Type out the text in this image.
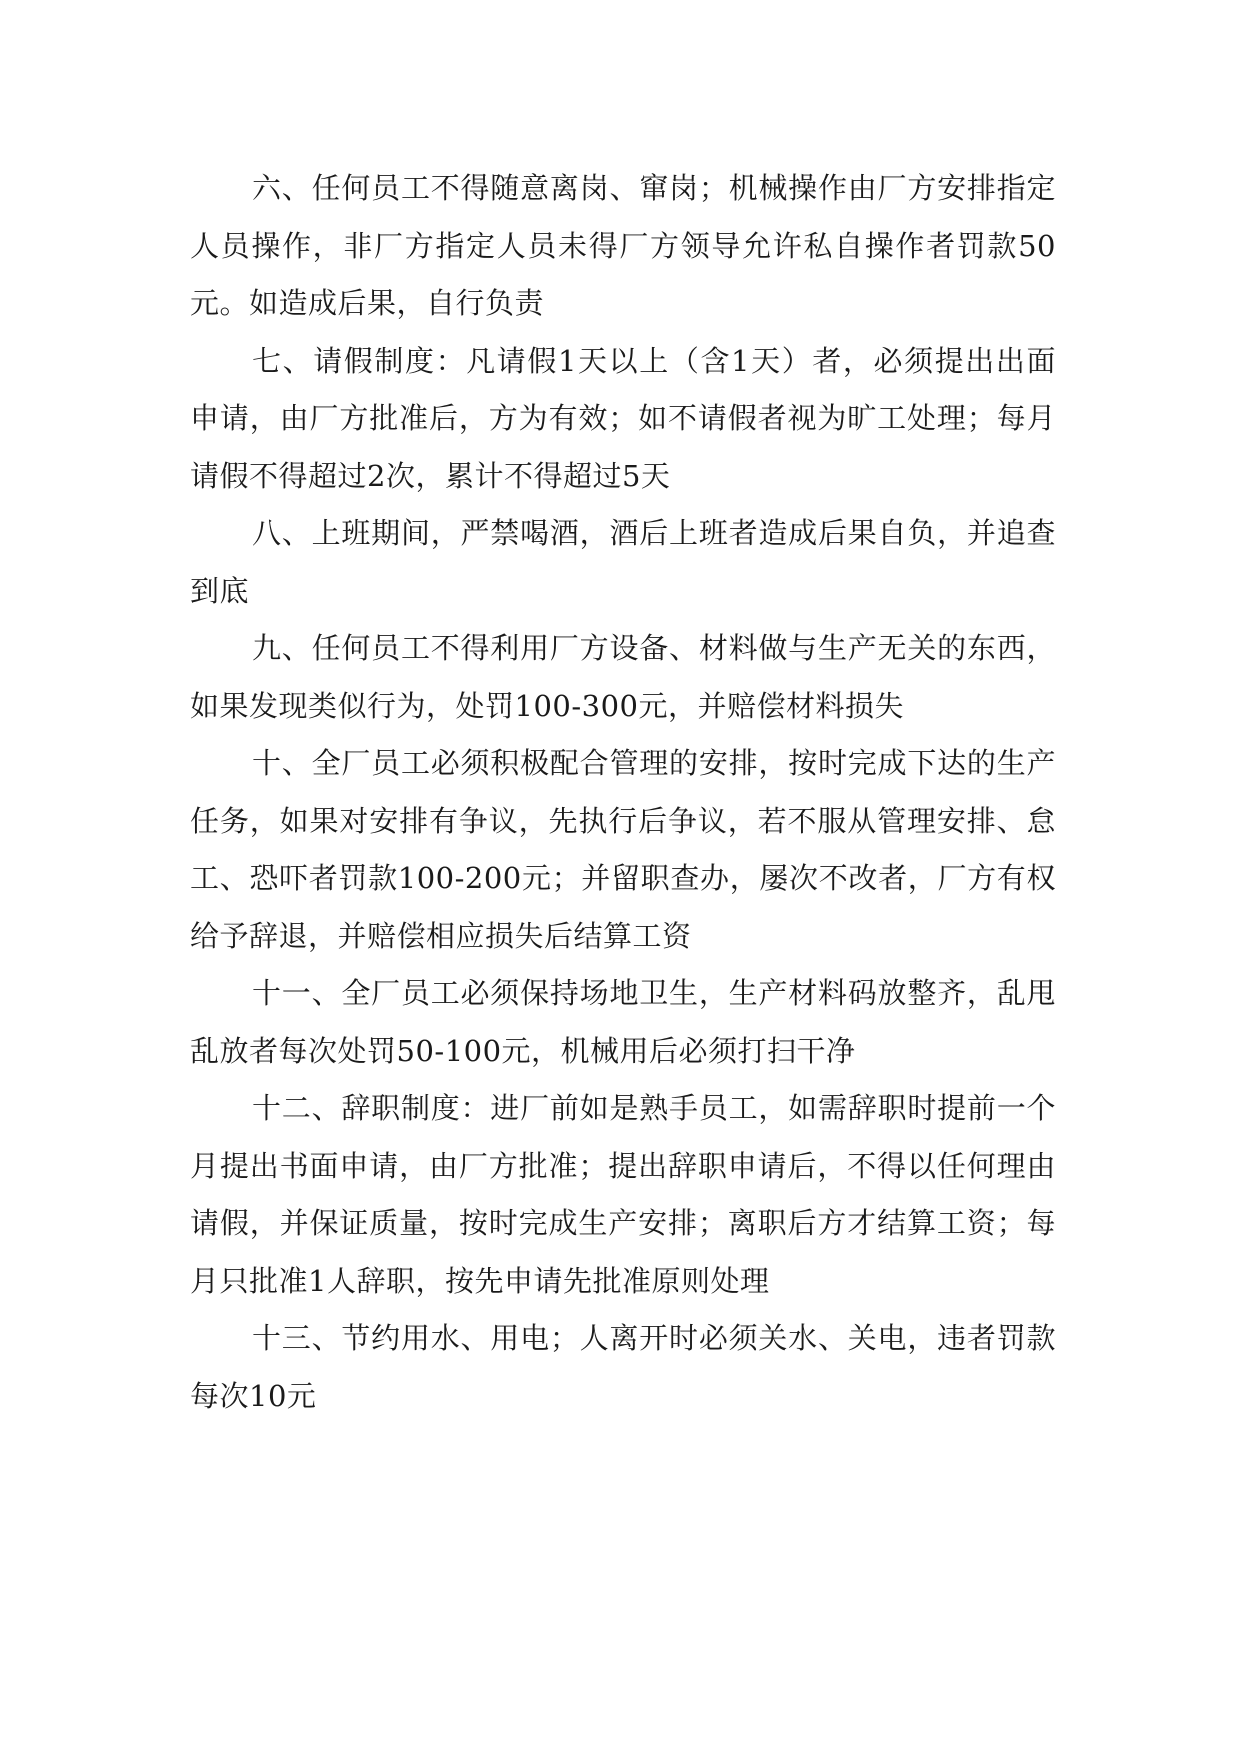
六、任何员工不得随意离岗、窜岗；机械操作由厂方安排指定人员操作，非厂方指定人员未得厂方领导允许私自操作者罚款50元。如造成后果，自行负责

七、请假制度：凡请假1天以上（含1天）者，必须提出出面申请，由厂方批准后，方为有效；如不请假者视为旷工处理；每月请假不得超过2次，累计不得超过5天

八、上班期间，严禁喝酒，酒后上班者造成后果自负，并追查到底

九、任何员工不得利用厂方设备、材料做与生产无关的东西，如果发现类似行为，处罚100-300元，并赔偿材料损失

十、全厂员工必须积极配合管理的安排，按时完成下达的生产任务，如果对安排有争议，先执行后争议，若不服从管理安排、怠工、恐吓者罚款100-200元；并留职查办，屡次不改者，厂方有权给予辞退，并赔偿相应损失后结算工资

十一、全厂员工必须保持场地卫生，生产材料码放整齐，乱甩乱放者每次处罚50-100元，机械用后必须打扫干净

十二、辞职制度：进厂前如是熟手员工，如需辞职时提前一个月提出书面申请，由厂方批准；提出辞职申请后，不得以任何理由请假，并保证质量，按时完成生产安排；离职后方才结算工资；每月只批准1人辞职，按先申请先批准原则处理

十三、节约用水、用电；人离开时必须关水、关电，违者罚款每次10元
